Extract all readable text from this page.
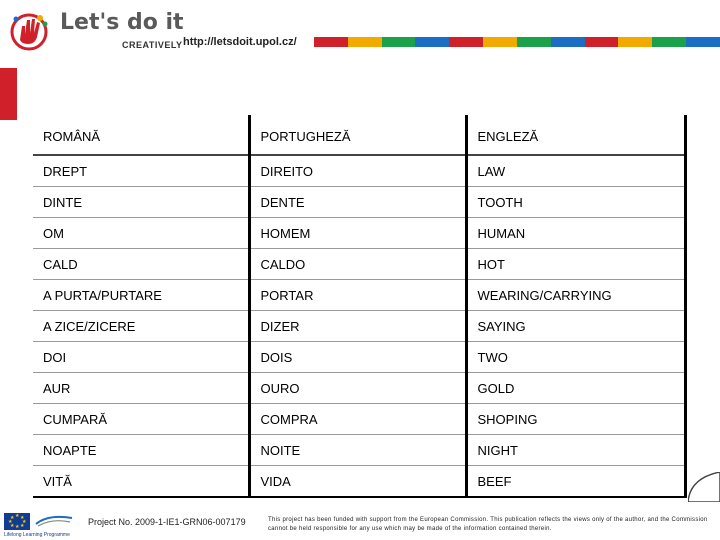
Let's do it
CREATIVELY http://letsdoit.upol.cz/
ROMÂNĂ	PORTUGHEZĂ	ENGLEZĂ
DREPT	DIREITO	LAW
DINTE	DENTE	TOOTH
OM	HOMEM	HUMAN
CALD	CALDO	HOT
A PURTA/PURTARE	PORTAR	WEARING/CARRYING
A ZICE/ZICERE	DIZER	SAYING
DOI	DOIS	TWO
AUR	OURO	GOLD
CUMPARĂ	COMPRA	SHOPING
NOAPTE	NOITE	NIGHT
VITĂ	VIDA	BEEF
★ ★
★
★
★
★
★
★
Lifelong Learning Programme
Project No. 2009-1-IE1-GRN06-007179	This project has been funded with support from the European Commission. This publication reflects the views only of the author, and the Commission cannot be held responsible for any use which may be made of the information contained therein.
